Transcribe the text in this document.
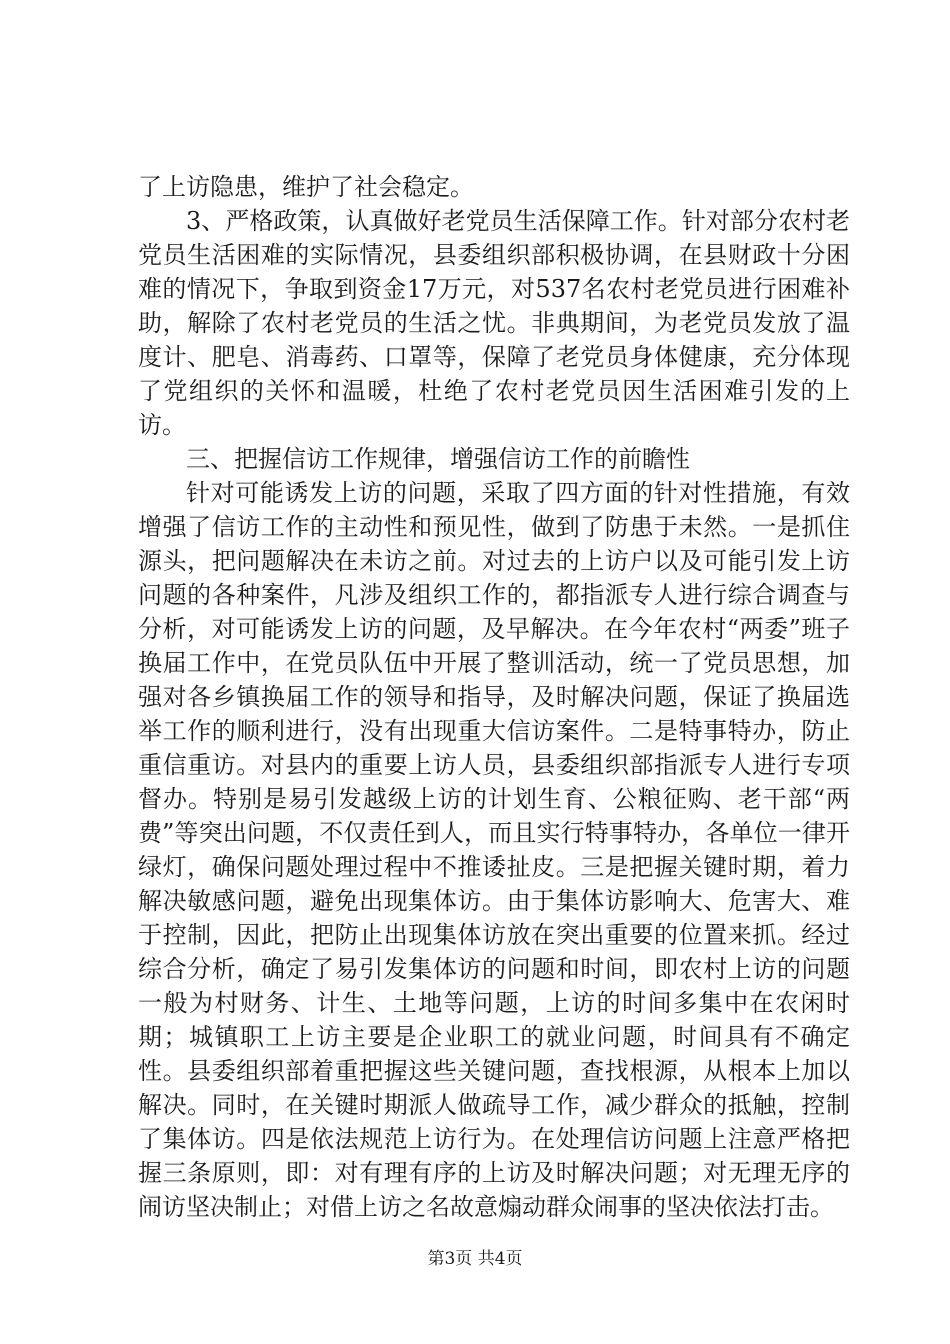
了上访隐患，维护了社会稳定。

3、严格政策，认真做好老党员生活保障工作。针对部分农村老党员生活困难的实际情况，县委组织部积极协调，在县财政十分困难的情况下，争取到资金17万元，对537名农村老党员进行困难补助，解除了农村老党员的生活之忧。非典期间，为老党员发放了温度计、肥皂、消毒药、口罩等，保障了老党员身体健康，充分体现了党组织的关怀和温暖，杜绝了农村老党员因生活困难引发的上访。

三、把握信访工作规律，增强信访工作的前瞻性

针对可能诱发上访的问题，采取了四方面的针对性措施，有效增强了信访工作的主动性和预见性，做到了防患于未然。一是抓住源头，把问题解决在未访之前。对过去的上访户以及可能引发上访问题的各种案件，凡涉及组织工作的，都指派专人进行综合调查与分析，对可能诱发上访的问题，及早解决。在今年农村“两委”班子换届工作中，在党员队伍中开展了整训活动，统一了党员思想，加强对各乡镇换届工作的领导和指导，及时解决问题，保证了换届选举工作的顺利进行，没有出现重大信访案件。二是特事特办，防止重信重访。对县内的重要上访人员，县委组织部指派专人进行专项督办。特别是易引发越级上访的计划生育、公粮征购、老干部“两费”等突出问题，不仅责任到人，而且实行特事特办，各单位一律开绿灯，确保问题处理过程中不推诿扯皮。三是把握关键时期，着力解决敏感问题，避免出现集体访。由于集体访影响大、危害大、难于控制，因此，把防止出现集体访放在突出重要的位置来抓。经过综合分析，确定了易引发集体访的问题和时间，即农村上访的问题一般为村财务、计生、土地等问题，上访的时间多集中在农闲时期；城镇职工上访主要是企业职工的就业问题，时间具有不确定性。县委组织部着重把握这些关键问题，查找根源，从根本上加以解决。同时，在关键时期派人做疏导工作，减少群众的抵触，控制了集体访。四是依法规范上访行为。在处理信访问题上注意严格把握三条原则，即：对有理有序的上访及时解决问题；对无理无序的闹访坚决制止；对借上访之名故意煽动群众闹事的坚决依法打击。

第3页 共4页
